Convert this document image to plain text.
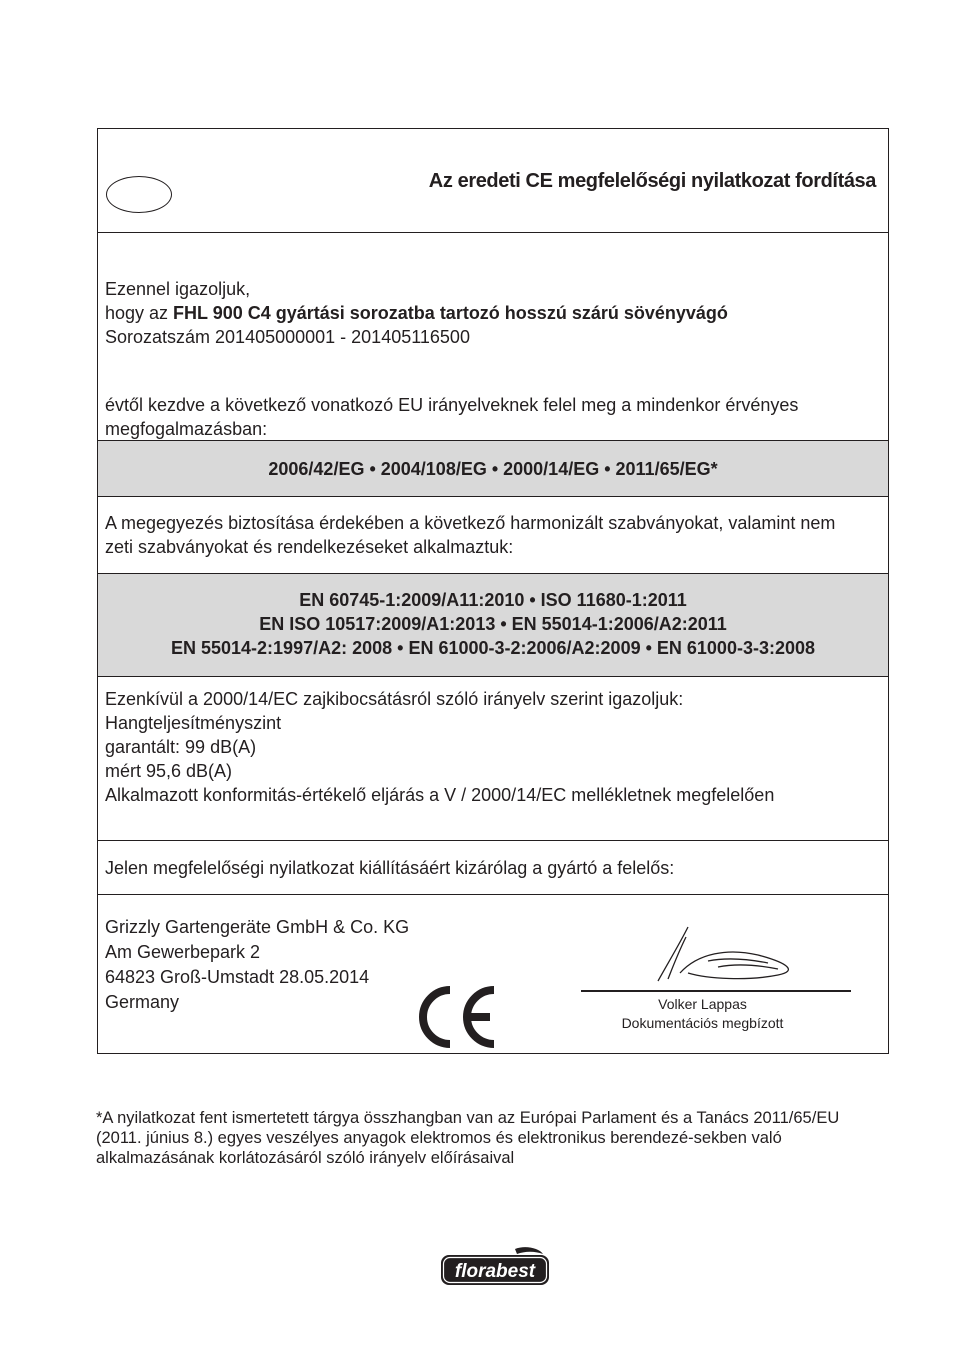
Az eredeti CE megfelelőségi nyilatkozat fordítása
Ezennel igazoljuk,
hogy az FHL 900 C4 gyártási sorozatba tartozó hosszú szárú sövényvágó
Sorozatszám 201405000001 - 201405116500
évtől kezdve a következő vonatkozó EU irányelveknek felel meg a mindenkor érvényes
megfogalmazásban:
2006/42/EG • 2004/108/EG • 2000/14/EG • 2011/65/EG*
A megegyezés biztosítása érdekében a következő harmonizált szabványokat, valamint nem
zeti szabványokat és rendelkezéseket alkalmaztuk:
EN 60745-1:2009/A11:2010 • ISO 11680-1:2011
EN ISO 10517:2009/A1:2013 • EN 55014-1:2006/A2:2011
EN 55014-2:1997/A2: 2008 • EN 61000-3-2:2006/A2:2009 • EN 61000-3-3:2008
Ezenkívül a 2000/14/EC zajkibocsátásról szóló irányelv szerint igazoljuk:
Hangteljesítményszint
garantált: 99 dB(A)
mért 95,6 dB(A)
Alkalmazott konformitás-értékelő eljárás a V / 2000/14/EC mellékletnek megfelelően
Jelen megfelelőségi nyilatkozat kiállításáért kizárólag a gyártó a felelős:
Grizzly Gartengeräte GmbH & Co. KG
Am Gewerbepark 2
64823 Groß-Umstadt 28.05.2014
Germany	Volker Lappas
Dokumentációs megbízott
*A nyilatkozat fent ismertetett tárgya összhangban van az Európai Parlament és a Tanács 2011/65/EU (2011. június 8.) egyes veszélyes anyagok elektromos és elektronikus berendezé-sekben való alkalmazásának korlátozásáról szóló irányelv előírásaival
florabest
